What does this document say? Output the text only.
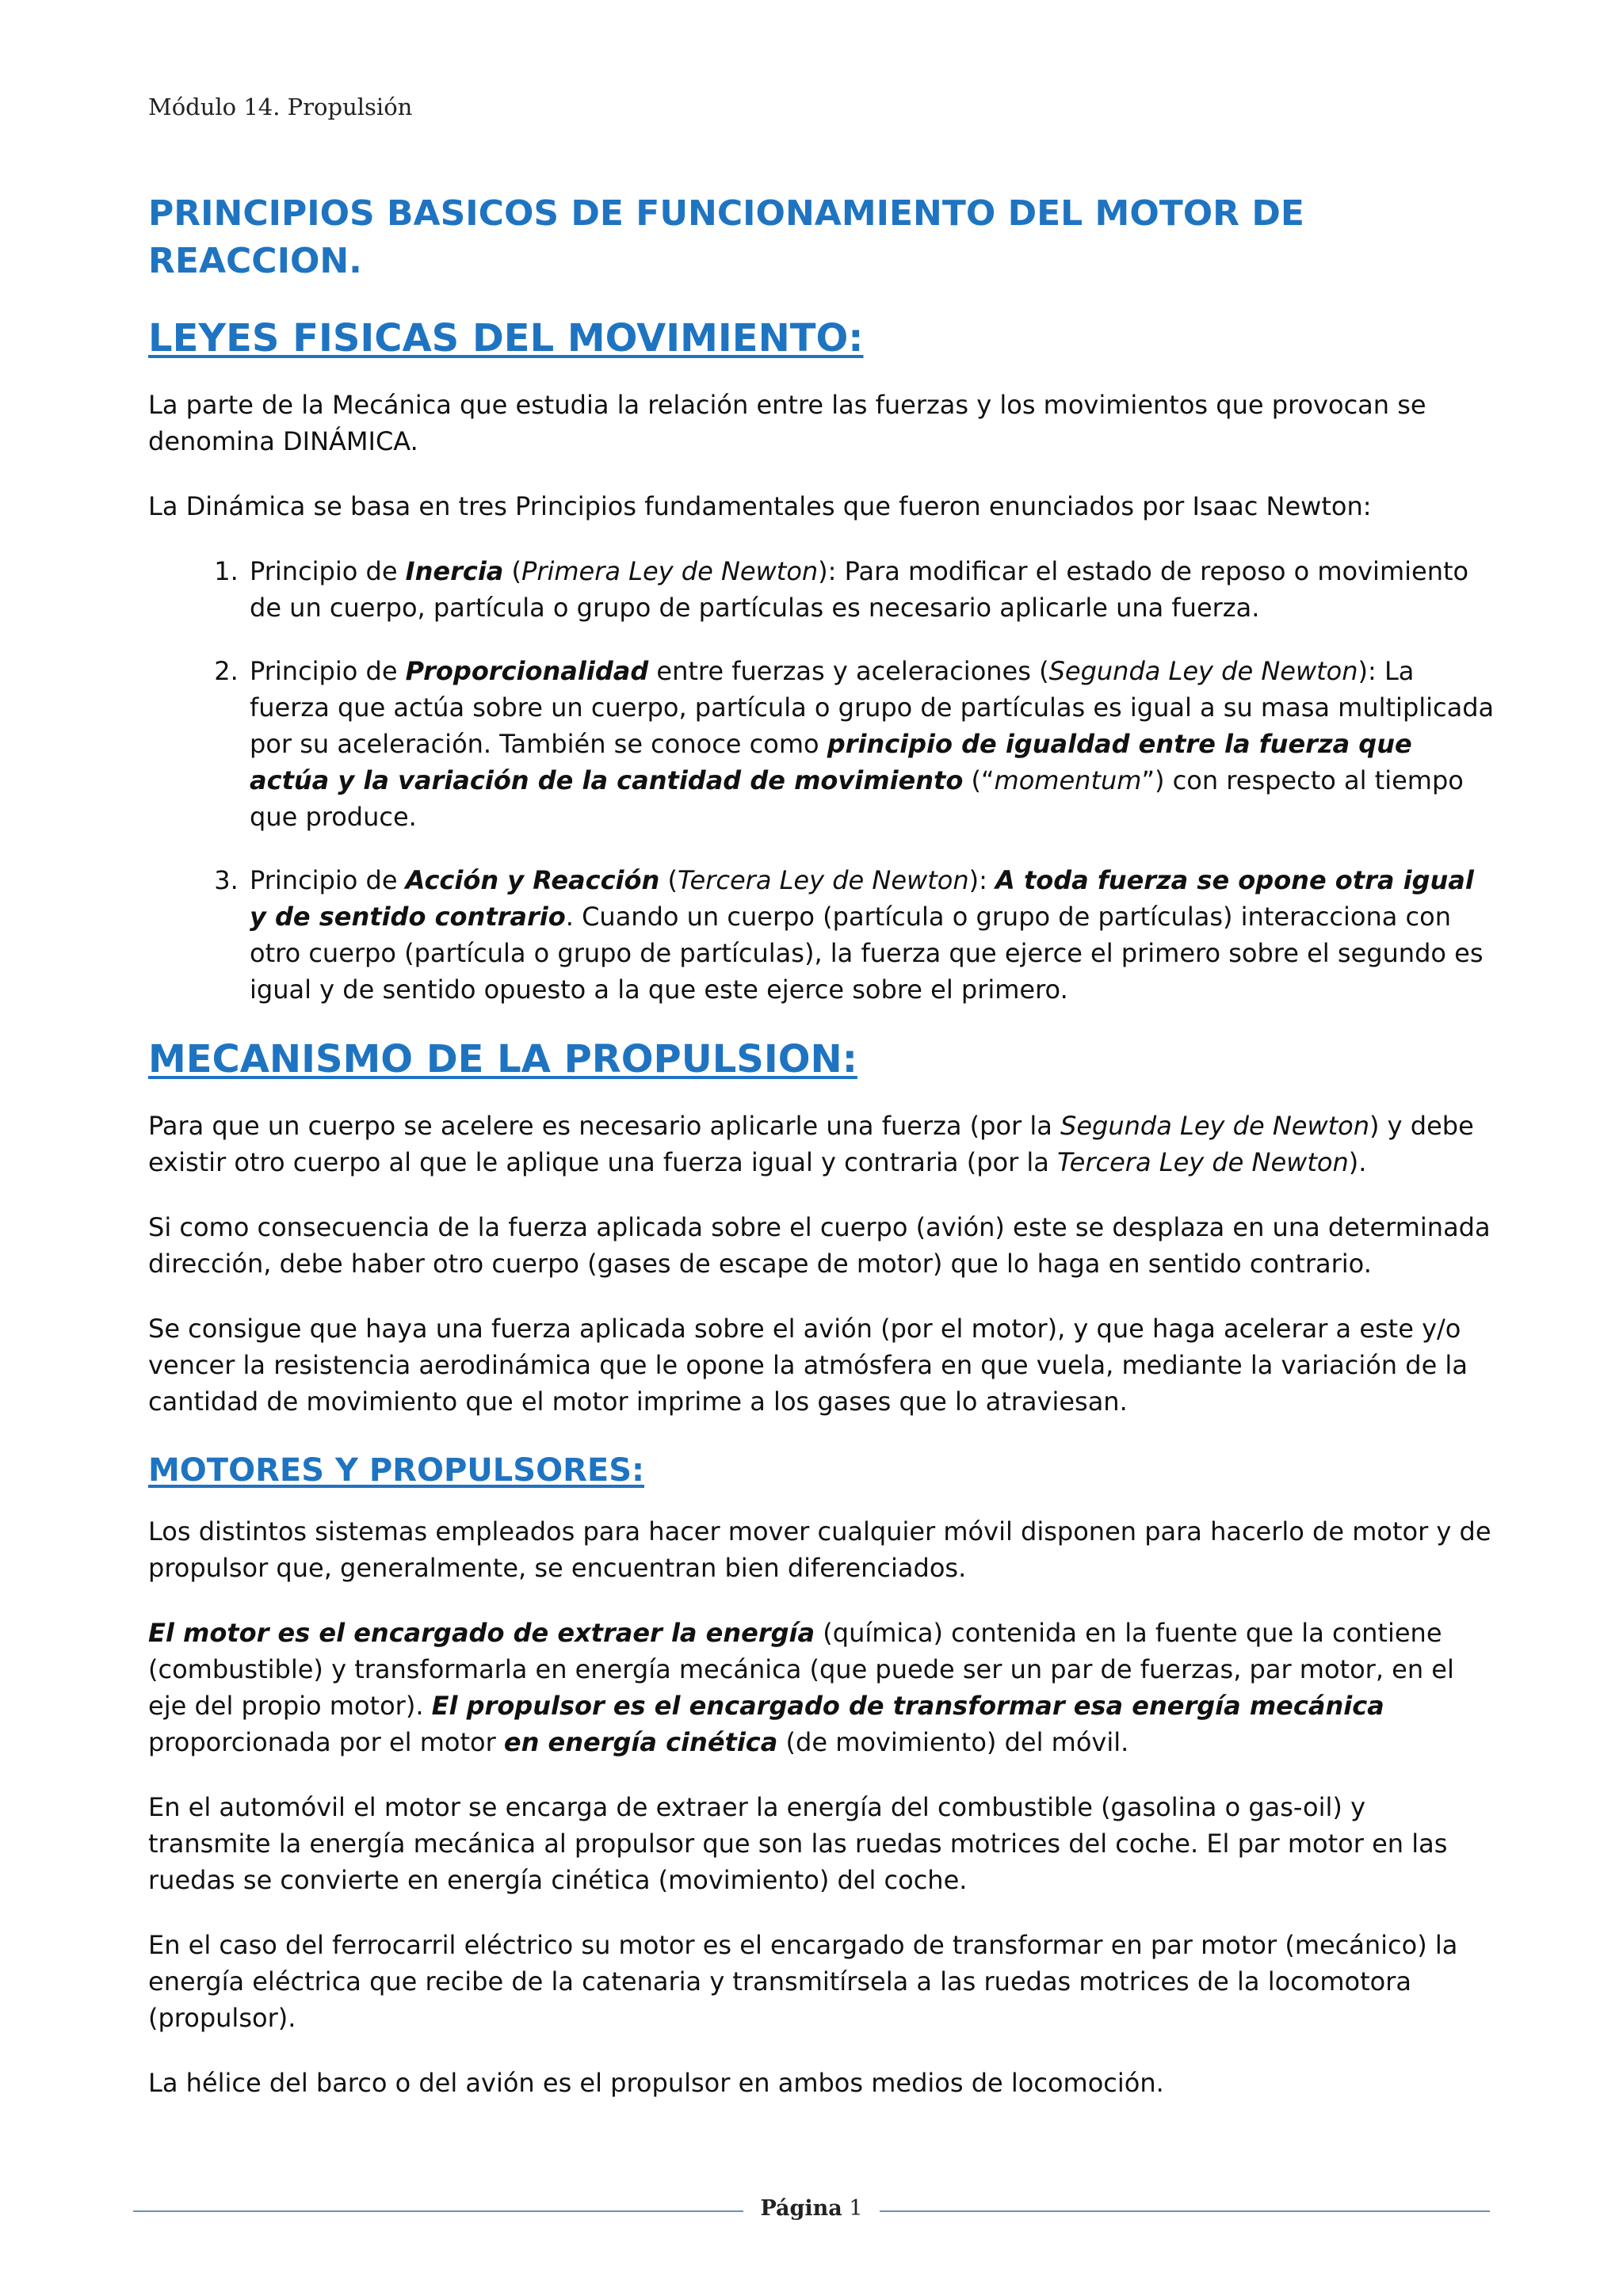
Módulo 14. Propulsión
PRINCIPIOS BASICOS DE FUNCIONAMIENTO DEL MOTOR DE REACCION.
LEYES FISICAS DEL MOVIMIENTO:

La parte de la Mecánica que estudia la relación entre las fuerzas y los movimientos que provocan se denomina DINÁMICA.

La Dinámica se basa en tres Principios fundamentales que fueron enunciados por Isaac Newton:

1. Principio de Inercia (Primera Ley de Newton): Para modificar el estado de reposo o movimiento de un cuerpo, partícula o grupo de partículas es necesario aplicarle una fuerza.
2. Principio de Proporcionalidad entre fuerzas y aceleraciones (Segunda Ley de Newton): La fuerza que actúa sobre un cuerpo, partícula o grupo de partículas es igual a su masa multiplicada por su aceleración. También se conoce como principio de igualdad entre la fuerza que actúa y la variación de la cantidad de movimiento (“momentum”) con respecto al tiempo que produce.
3. Principio de Acción y Reacción (Tercera Ley de Newton): A toda fuerza se opone otra igual y de sentido contrario. Cuando un cuerpo (partícula o grupo de partículas) interacciona con otro cuerpo (partícula o grupo de partículas), la fuerza que ejerce el primero sobre el segundo es igual y de sentido opuesto a la que este ejerce sobre el primero.
MECANISMO DE LA PROPULSION:

Para que un cuerpo se acelere es necesario aplicarle una fuerza (por la Segunda Ley de Newton) y debe existir otro cuerpo al que le aplique una fuerza igual y contraria (por la Tercera Ley de Newton).

Si como consecuencia de la fuerza aplicada sobre el cuerpo (avión) este se desplaza en una determinada dirección, debe haber otro cuerpo (gases de escape de motor) que lo haga en sentido contrario.

Se consigue que haya una fuerza aplicada sobre el avión (por el motor), y que haga acelerar a este y/o vencer la resistencia aerodinámica que le opone la atmósfera en que vuela, mediante la variación de la cantidad de movimiento que el motor imprime a los gases que lo atraviesan.

MOTORES Y PROPULSORES:

Los distintos sistemas empleados para hacer mover cualquier móvil disponen para hacerlo de motor y de propulsor que, generalmente, se encuentran bien diferenciados.

El motor es el encargado de extraer la energía (química) contenida en la fuente que la contiene (combustible) y transformarla en energía mecánica (que puede ser un par de fuerzas, par motor, en el eje del propio motor). El propulsor es el encargado de transformar esa energía mecánica proporcionada por el motor en energía cinética (de movimiento) del móvil.

En el automóvil el motor se encarga de extraer la energía del combustible (gasolina o gas-oil) y transmite la energía mecánica al propulsor que son las ruedas motrices del coche. El par motor en las ruedas se convierte en energía cinética (movimiento) del coche.

En el caso del ferrocarril eléctrico su motor es el encargado de transformar en par motor (mecánico) la energía eléctrica que recibe de la catenaria y transmitírsela a las ruedas motrices de la locomotora (propulsor).

La hélice del barco o del avión es el propulsor en ambos medios de locomoción.

Página 1
